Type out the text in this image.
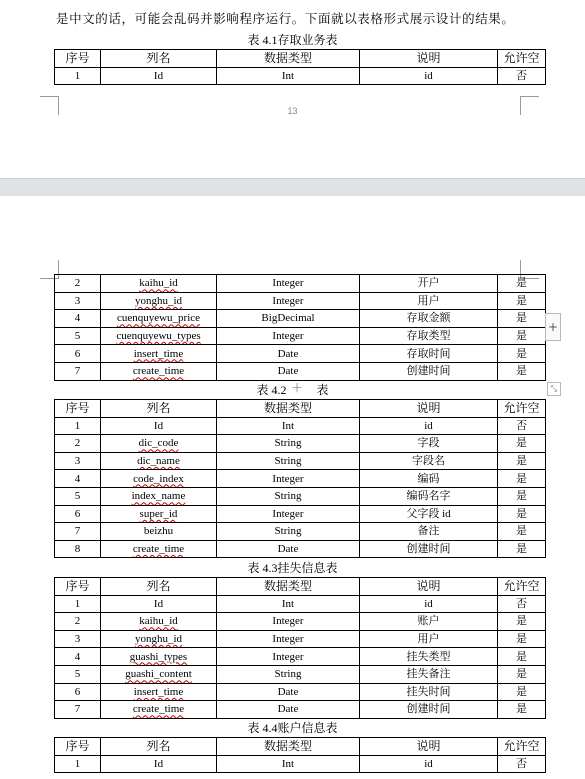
是中文的话，可能会乱码并影响程序运行。下面就以表格形式展示设计的结果。
表 4.1存取业务表
序号	列名	数据类型	说明	允许空
1	Id	Int	id	否
13
2	kaihu_id	Integer	开户	是
3	yonghu_id	Integer	用户	是
4	cuenquyewu_price	BigDecimal	存取金额	是
5	cuenquyewu_types	Integer	存取类型	是
6	insert_time	Date	存取时间	是
7	create_time	Date	创建时间	是
表 4.2	表
＋	⤡
序号	列名	数据类型	说明	允许空
1	Id	Int	id	否
2	dic_code	String	字段	是
3	dic_name	String	字段名	是
4	code_index	Integer	编码	是
5	index_name	String	编码名字	是
6	super_id	Integer	父字段 id	是
7	beizhu	String	备注	是
8	create_time	Date	创建时间	是
表 4.3挂失信息表
序号	列名	数据类型	说明	允许空
1	Id	Int	id	否
2	kaihu_id	Integer	账户	是
3	yonghu_id	Integer	用户	是
4	guashi_types	Integer	挂失类型	是
5	guashi_content	String	挂失备注	是
6	insert_time	Date	挂失时间	是
7	create_time	Date	创建时间	是
表 4.4账户信息表
序号	列名	数据类型	说明	允许空
1	Id	Int	id	否
+
